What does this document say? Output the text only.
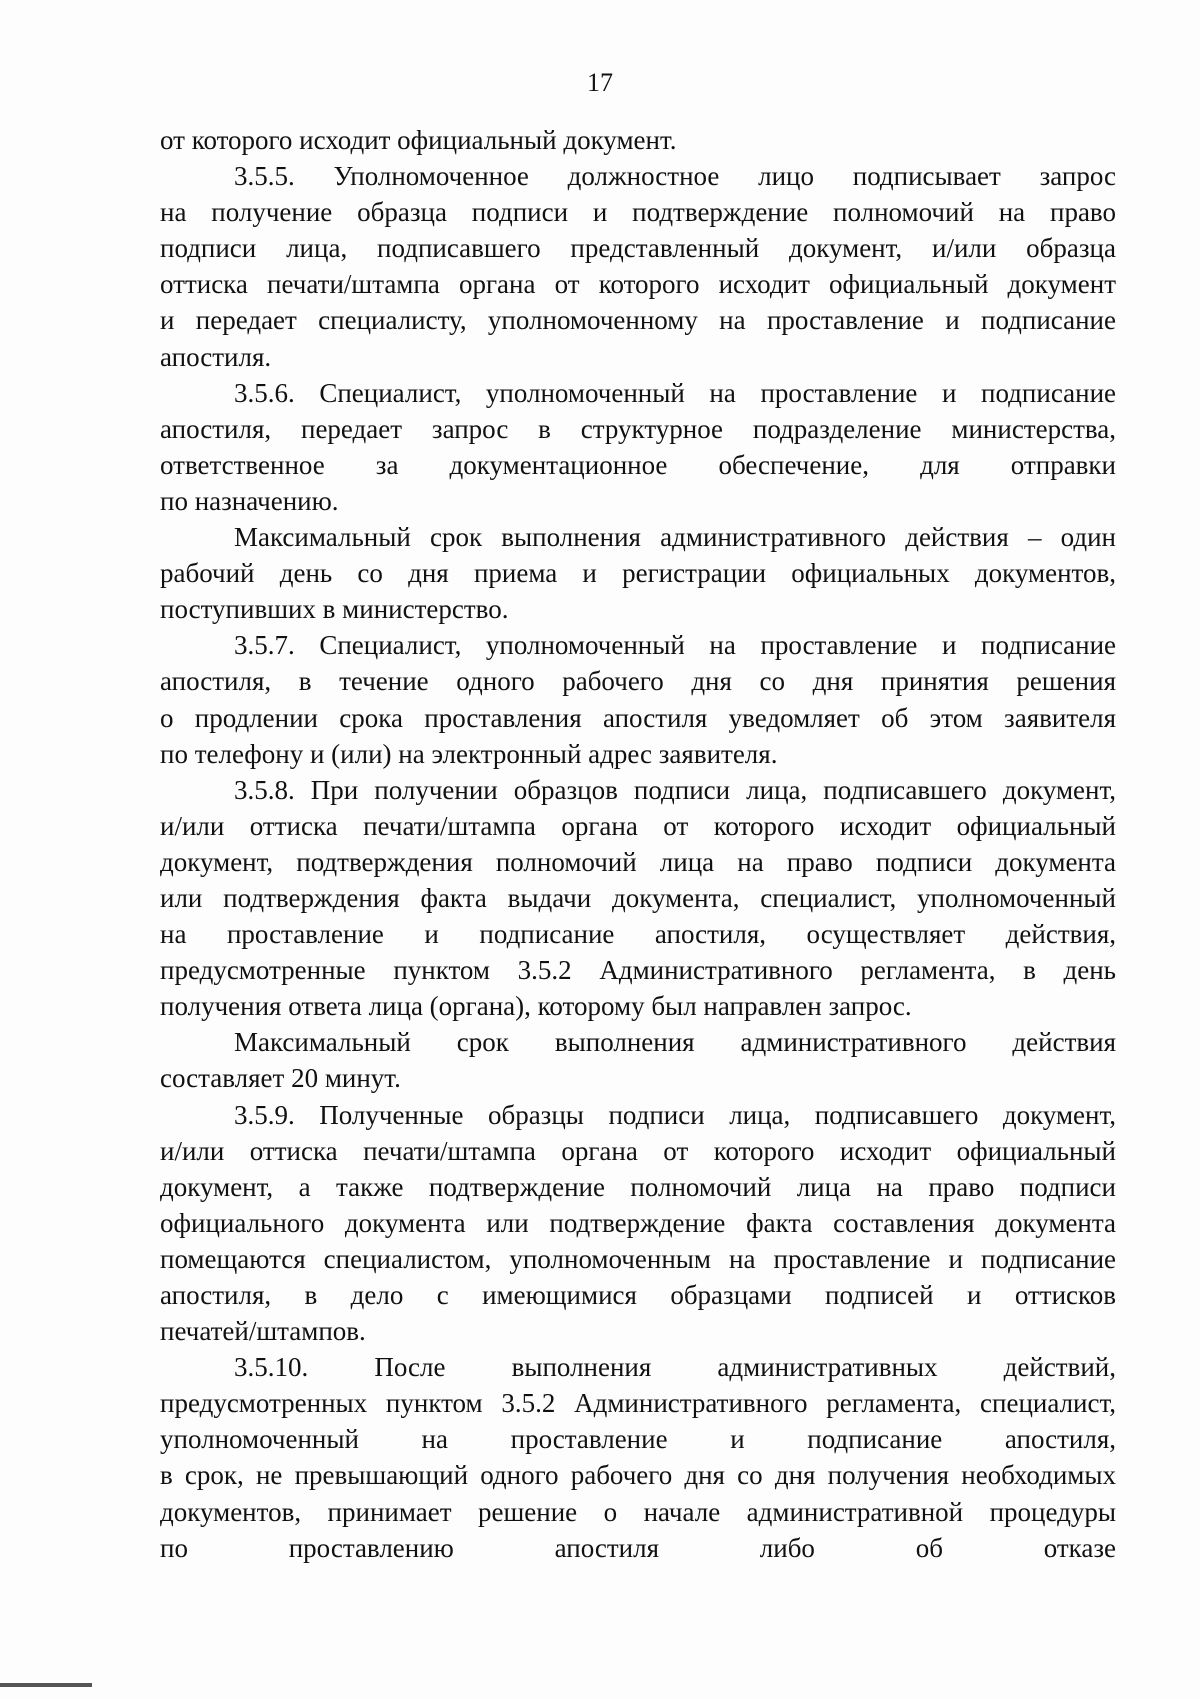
17
от которого исходит официальный документ.
3.5.5. Уполномоченное должностное лицо подписывает запрос
на получение образца подписи и подтверждение полномочий на право
подписи лица, подписавшего представленный документ, и/или образца
оттиска печати/штампа органа от которого исходит официальный документ
и передает специалисту, уполномоченному на проставление и подписание
апостиля.
3.5.6. Специалист, уполномоченный на проставление и подписание
апостиля, передает запрос в структурное подразделение министерства,
ответственное за документационное обеспечение, для отправки
по назначению.
Максимальный срок выполнения административного действия – один
рабочий день со дня приема и регистрации официальных документов,
поступивших в министерство.
3.5.7. Специалист, уполномоченный на проставление и подписание
апостиля, в течение одного рабочего дня со дня принятия решения
о продлении срока проставления апостиля уведомляет об этом заявителя
по телефону и (или) на электронный адрес заявителя.
3.5.8. При получении образцов подписи лица, подписавшего документ,
и/или оттиска печати/штампа органа от которого исходит официальный
документ, подтверждения полномочий лица на право подписи документа
или подтверждения факта выдачи документа, специалист, уполномоченный
на проставление и подписание апостиля, осуществляет действия,
предусмотренные пунктом 3.5.2 Административного регламента, в день
получения ответа лица (органа), которому был направлен запрос.
Максимальный срок выполнения административного действия
составляет 20 минут.
3.5.9. Полученные образцы подписи лица, подписавшего документ,
и/или оттиска печати/штампа органа от которого исходит официальный
документ, а также подтверждение полномочий лица на право подписи
официального документа или подтверждение факта составления документа
помещаются специалистом, уполномоченным на проставление и подписание
апостиля, в дело с имеющимися образцами подписей и оттисков
печатей/штампов.
3.5.10. После выполнения административных действий,
предусмотренных пунктом 3.5.2 Административного регламента, специалист,
уполномоченный на проставление и подписание апостиля,
в срок, не превышающий одного рабочего дня со дня получения необходимых
документов, принимает решение о начале административной процедуры
по проставлению апостиля либо об отказе
